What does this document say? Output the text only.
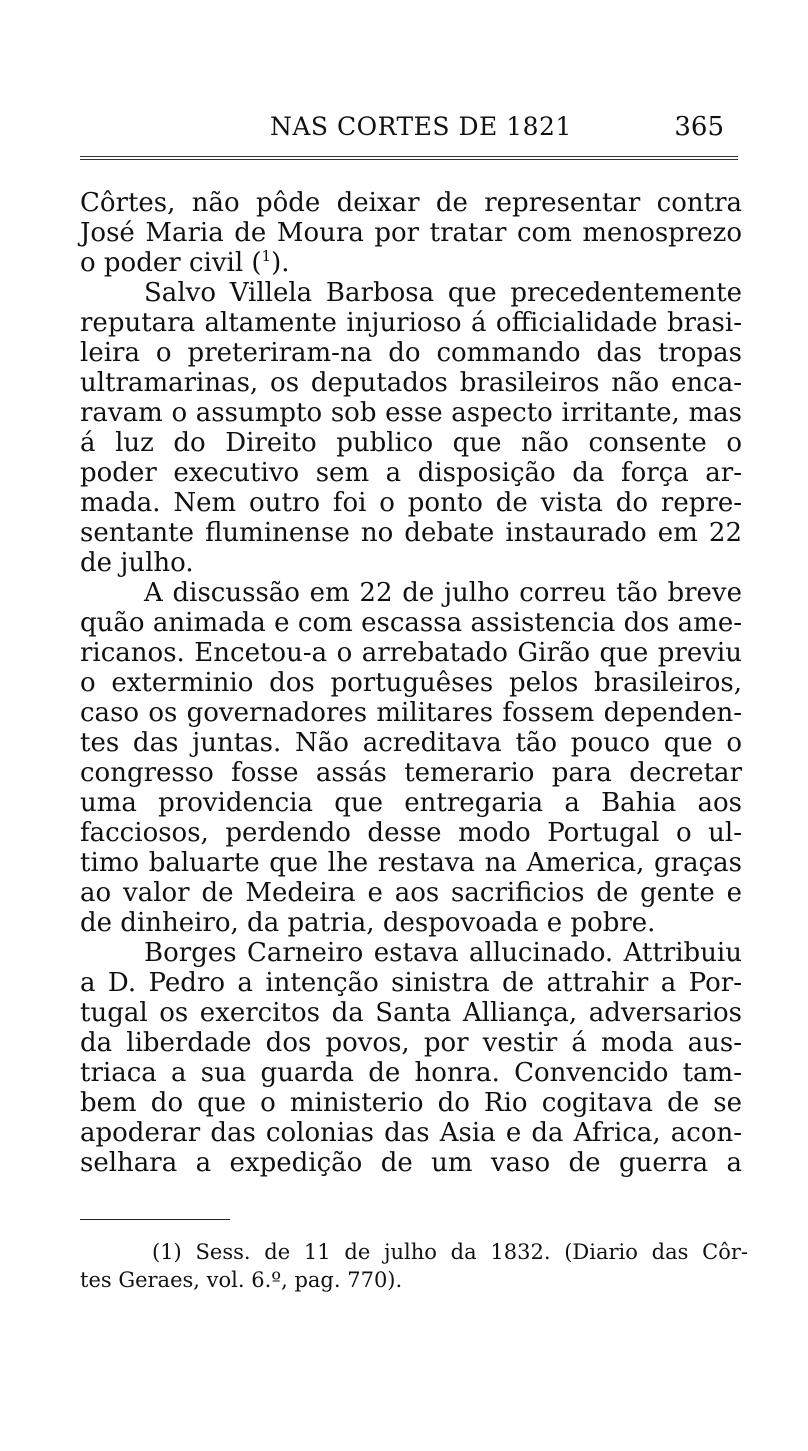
NAS CORTES DE 1821	365
Côrtes, não pôde deixar de representar contra
José Maria de Moura por tratar com menosprezo
o poder civil ($^1$).
Salvo Villela Barbosa que precedentemente
reputara altamente injurioso á officialidade brasi-
leira o preteriram-na do commando das tropas
ultramarinas, os deputados brasileiros não enca-
ravam o assumpto sob esse aspecto irritante, mas
á luz do Direito publico que não consente o
poder executivo sem a disposição da força ar-
mada. Nem outro foi o ponto de vista do repre-
sentante fluminense no debate instaurado em 22
de julho.
A discussão em 22 de julho correu tão breve
quão animada e com escassa assistencia dos ame-
ricanos. Encetou-a o arrebatado Girão que previu
o exterminio dos portuguêses pelos brasileiros,
caso os governadores militares fossem dependen-
tes das juntas. Não acreditava tão pouco que o
congresso fosse assás temerario para decretar
uma providencia que entregaria a Bahia aos
facciosos, perdendo desse modo Portugal o ul-
timo baluarte que lhe restava na America, graças
ao valor de Medeira e aos sacrificios de gente e
de dinheiro, da patria, despovoada e pobre.
Borges Carneiro estava allucinado. Attribuiu
a D. Pedro a intenção sinistra de attrahir a Por-
tugal os exercitos da Santa Alliança, adversarios
da liberdade dos povos, por vestir á moda aus-
triaca a sua guarda de honra. Convencido tam-
bem do que o ministerio do Rio cogitava de se
apoderar das colonias das Asia e da Africa, acon-
selhara a expedição de um vaso de guerra a
(1) Sess. de 11 de julho da 1832. (Diario das Côr-
tes Geraes, vol. 6.º, pag. 770).
